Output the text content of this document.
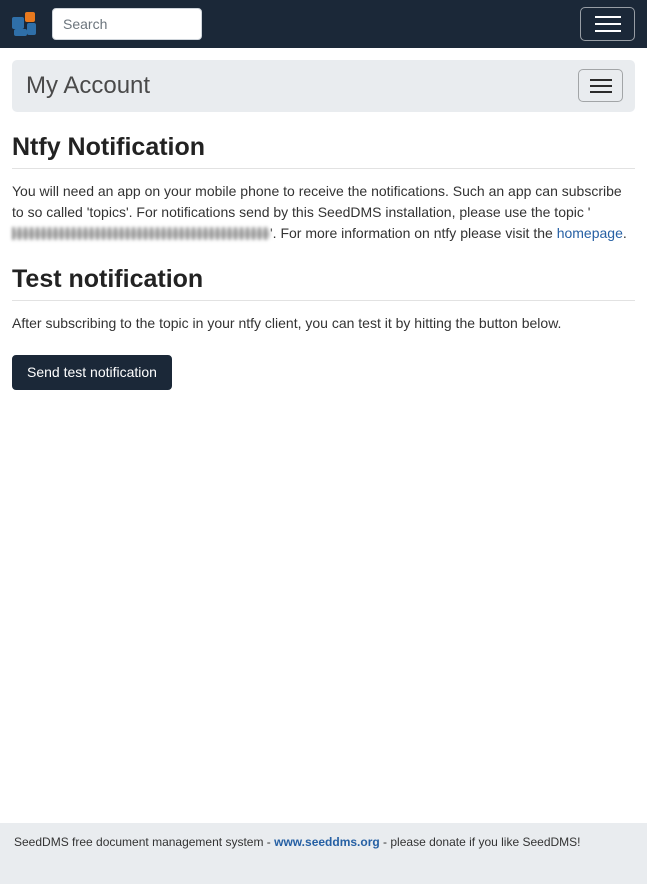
Search
My Account
Ntfy Notification

You will need an app on your mobile phone to receive the notifications. Such an app can subscribe to so called 'topics'. For notifications send by this SeedDMS installation, please use the topic ''. For more information on ntfy please visit the homepage.

Test notification

After subscribing to the topic in your ntfy client, you can test it by hitting the button below.

Send test notification
SeedDMS free document management system - www.seeddms.org - please donate if you like SeedDMS!
